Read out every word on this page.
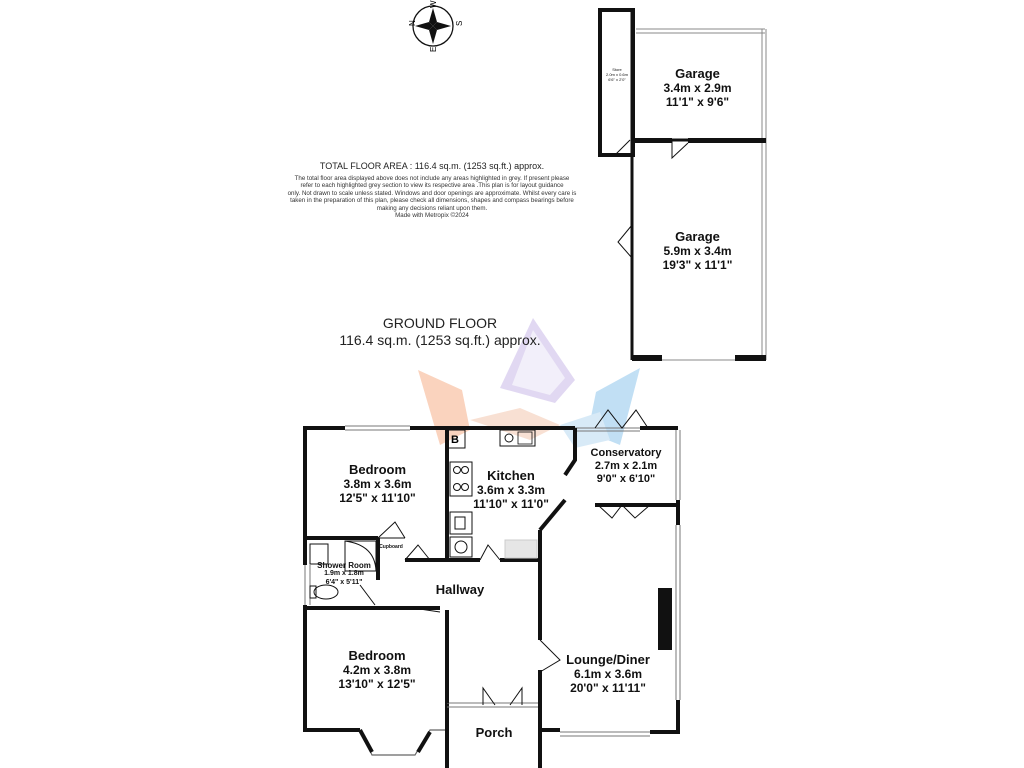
N	S
E
W
B
TOTAL FLOOR AREA : 116.4 sq.m. (1253 sq.ft.) approx.
The total floor area displayed above does not include any areas highlighted in grey. If present please
refer to each highlighted grey section to view its respective area .This plan is for layout guidance
only. Not drawn to scale unless stated. Windows and door openings are approximate. Whilst every care is
taken in the preparation of this plan, please check all dimensions, shapes and compass bearings before
making any decisions reliant upon them.
Made with Metropix ©2024
GROUND FLOOR
116.4 sq.m. (1253 sq.ft.) approx.
Garage
3.4m x 2.9m
11'1" x 9'6"
Garage
5.9m x 3.4m
19'3" x 11'1"
Store
2.0m x 0.6m
6'6" x 2'0"
Bedroom
3.8m x 3.6m
12'5" x 11'10"
Kitchen
3.6m x 3.3m
11'10" x 11'0"
Conservatory
2.7m x 2.1m
9'0" x 6'10"
Shower Room
1.9m x 1.8m
6'4" x 5'11"
Cupboard
Hallway
Bedroom
4.2m x 3.8m
13'10" x 12'5"
Lounge/Diner
6.1m x 3.6m
20'0" x 11'11"
Porch
